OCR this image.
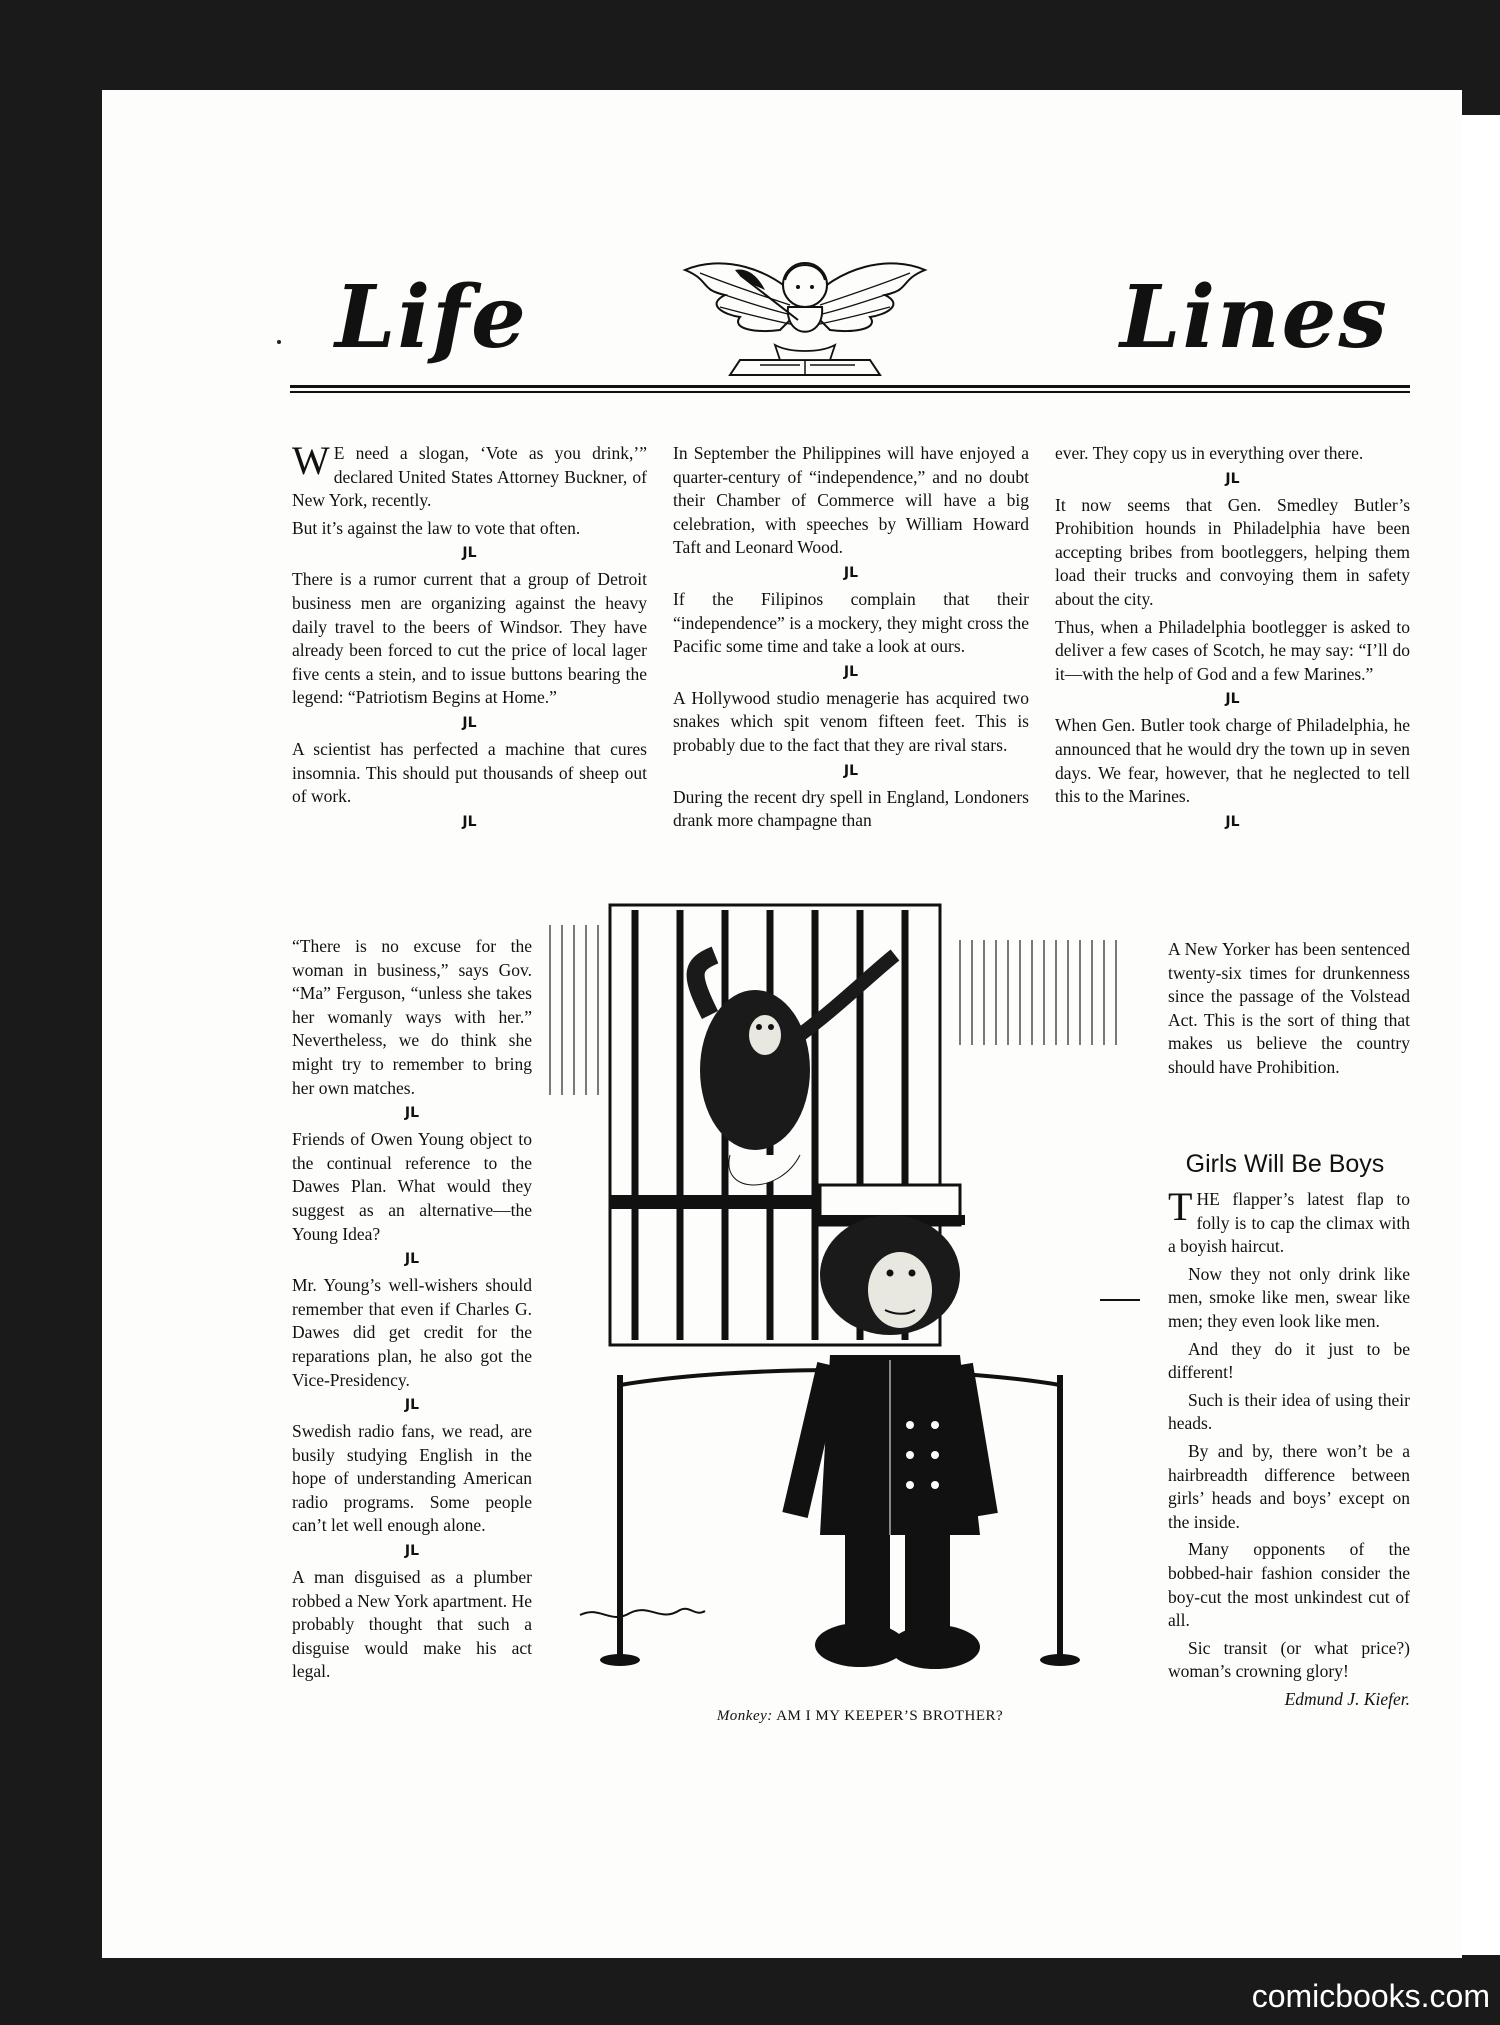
Life	Lines

W E need a slogan, ‘Vote as you drink,’” declared United States Attorney Buckner, of New York, recently.

But it’s against the law to vote that often.

JL

There is a rumor current that a group of Detroit business men are organizing against the heavy daily travel to the beers of Windsor. They have already been forced to cut the price of local lager five cents a stein, and to issue buttons bearing the legend: “Patriotism Begins at Home.”

JL

A scientist has perfected a machine that cures insomnia. This should put thousands of sheep out of work.

JL

“There is no excuse for the woman in business,” says Gov. “Ma” Ferguson, “unless she takes her womanly ways with her.” Nevertheless, we do think she might try to remember to bring her own matches.

JL

Friends of Owen Young object to the continual reference to the Dawes Plan. What would they suggest as an alternative—the Young Idea?

JL

Mr. Young’s well-wishers should remember that even if Charles G. Dawes did get credit for the reparations plan, he also got the Vice-Presidency.

JL

Swedish radio fans, we read, are busily studying English in the hope of understanding American radio programs. Some people can’t let well enough alone.

JL

A man disguised as a plumber robbed a New York apartment. He probably thought that such a disguise would make his act legal.

In September the Philippines will have enjoyed a quarter-century of “independence,” and no doubt their Chamber of Commerce will have a big celebration, with speeches by William Howard Taft and Leonard Wood.

JL

If the Filipinos complain that their “independence” is a mockery, they might cross the Pacific some time and take a look at ours.

JL

A Hollywood studio menagerie has acquired two snakes which spit venom fifteen feet. This is probably due to the fact that they are rival stars.

JL

During the recent dry spell in England, Londoners drank more champagne than

ever. They copy us in everything over there.

JL

It now seems that Gen. Smedley Butler’s Prohibition hounds in Philadelphia have been accepting bribes from bootleggers, helping them load their trucks and convoying them in safety about the city.

Thus, when a Philadelphia bootlegger is asked to deliver a few cases of Scotch, he may say: “I’ll do it—with the help of God and a few Marines.”

JL

When Gen. Butler took charge of Philadelphia, he announced that he would dry the town up in seven days. We fear, however, that he neglected to tell this to the Marines.

JL

A New Yorker has been sentenced twenty-six times for drunkenness since the passage of the Volstead Act. This is the sort of thing that makes us believe the country should have Prohibition.

Girls Will Be Boys

THE flapper’s latest flap to folly is to cap the climax with a boyish haircut.

Now they not only drink like men, smoke like men, swear like men; they even look like men.

And they do it just to be different!

Such is their idea of using their heads.

By and by, there won’t be a hairbreadth difference between girls’ heads and boys’ except on the inside.

Many opponents of the bobbed-hair fashion consider the boy-cut the most unkindest cut of all.

Sic transit (or what price?) woman’s crowning glory!

Edmund J. Kiefer.
Monkey: AM I MY KEEPER’S BROTHER?
comicbooks.com
